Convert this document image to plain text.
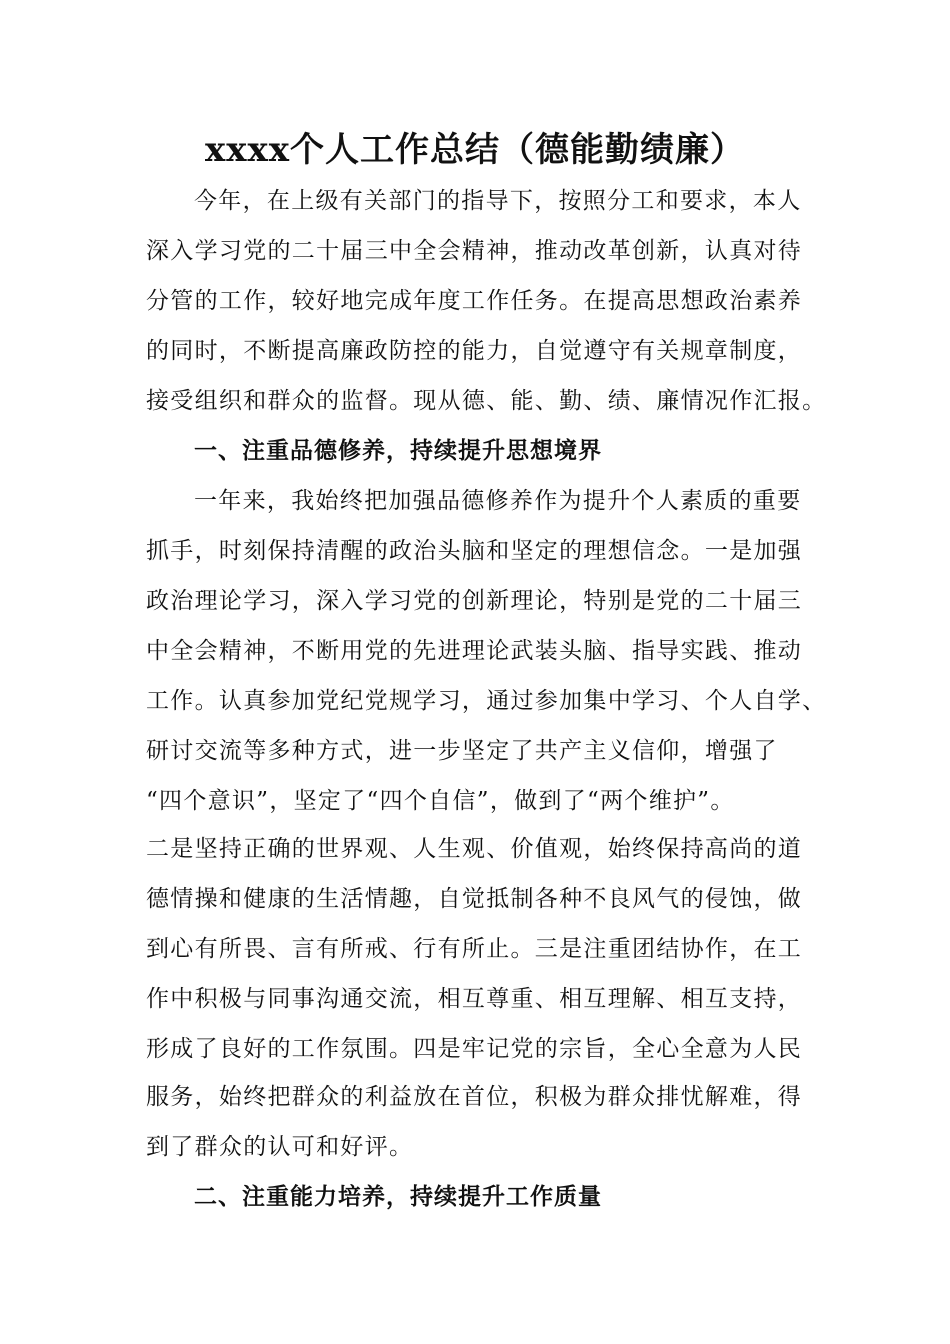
xxxx个人工作总结（德能勤绩廉）
今年，在上级有关部门的指导下，按照分工和要求，本人
深入学习党的二十届三中全会精神，推动改革创新，认真对待
分管的工作，较好地完成年度工作任务。在提高思想政治素养
的同时，不断提高廉政防控的能力，自觉遵守有关规章制度，
接受组织和群众的监督。现从德、能、勤、绩、廉情况作汇报。
一、注重品德修养，持续提升思想境界
一年来，我始终把加强品德修养作为提升个人素质的重要
抓手，时刻保持清醒的政治头脑和坚定的理想信念。一是加强
政治理论学习，深入学习党的创新理论，特别是党的二十届三
中全会精神，不断用党的先进理论武装头脑、指导实践、推动
工作。认真参加党纪党规学习，通过参加集中学习、个人自学、
研讨交流等多种方式，进一步坚定了共产主义信仰，增强了
“四个意识”，坚定了“四个自信”，做到了“两个维护”。
二是坚持正确的世界观、人生观、价值观，始终保持高尚的道
德情操和健康的生活情趣，自觉抵制各种不良风气的侵蚀，做
到心有所畏、言有所戒、行有所止。三是注重团结协作，在工
作中积极与同事沟通交流，相互尊重、相互理解、相互支持，
形成了良好的工作氛围。四是牢记党的宗旨，全心全意为人民
服务，始终把群众的利益放在首位，积极为群众排忧解难，得
到了群众的认可和好评。
二、注重能力培养，持续提升工作质量
